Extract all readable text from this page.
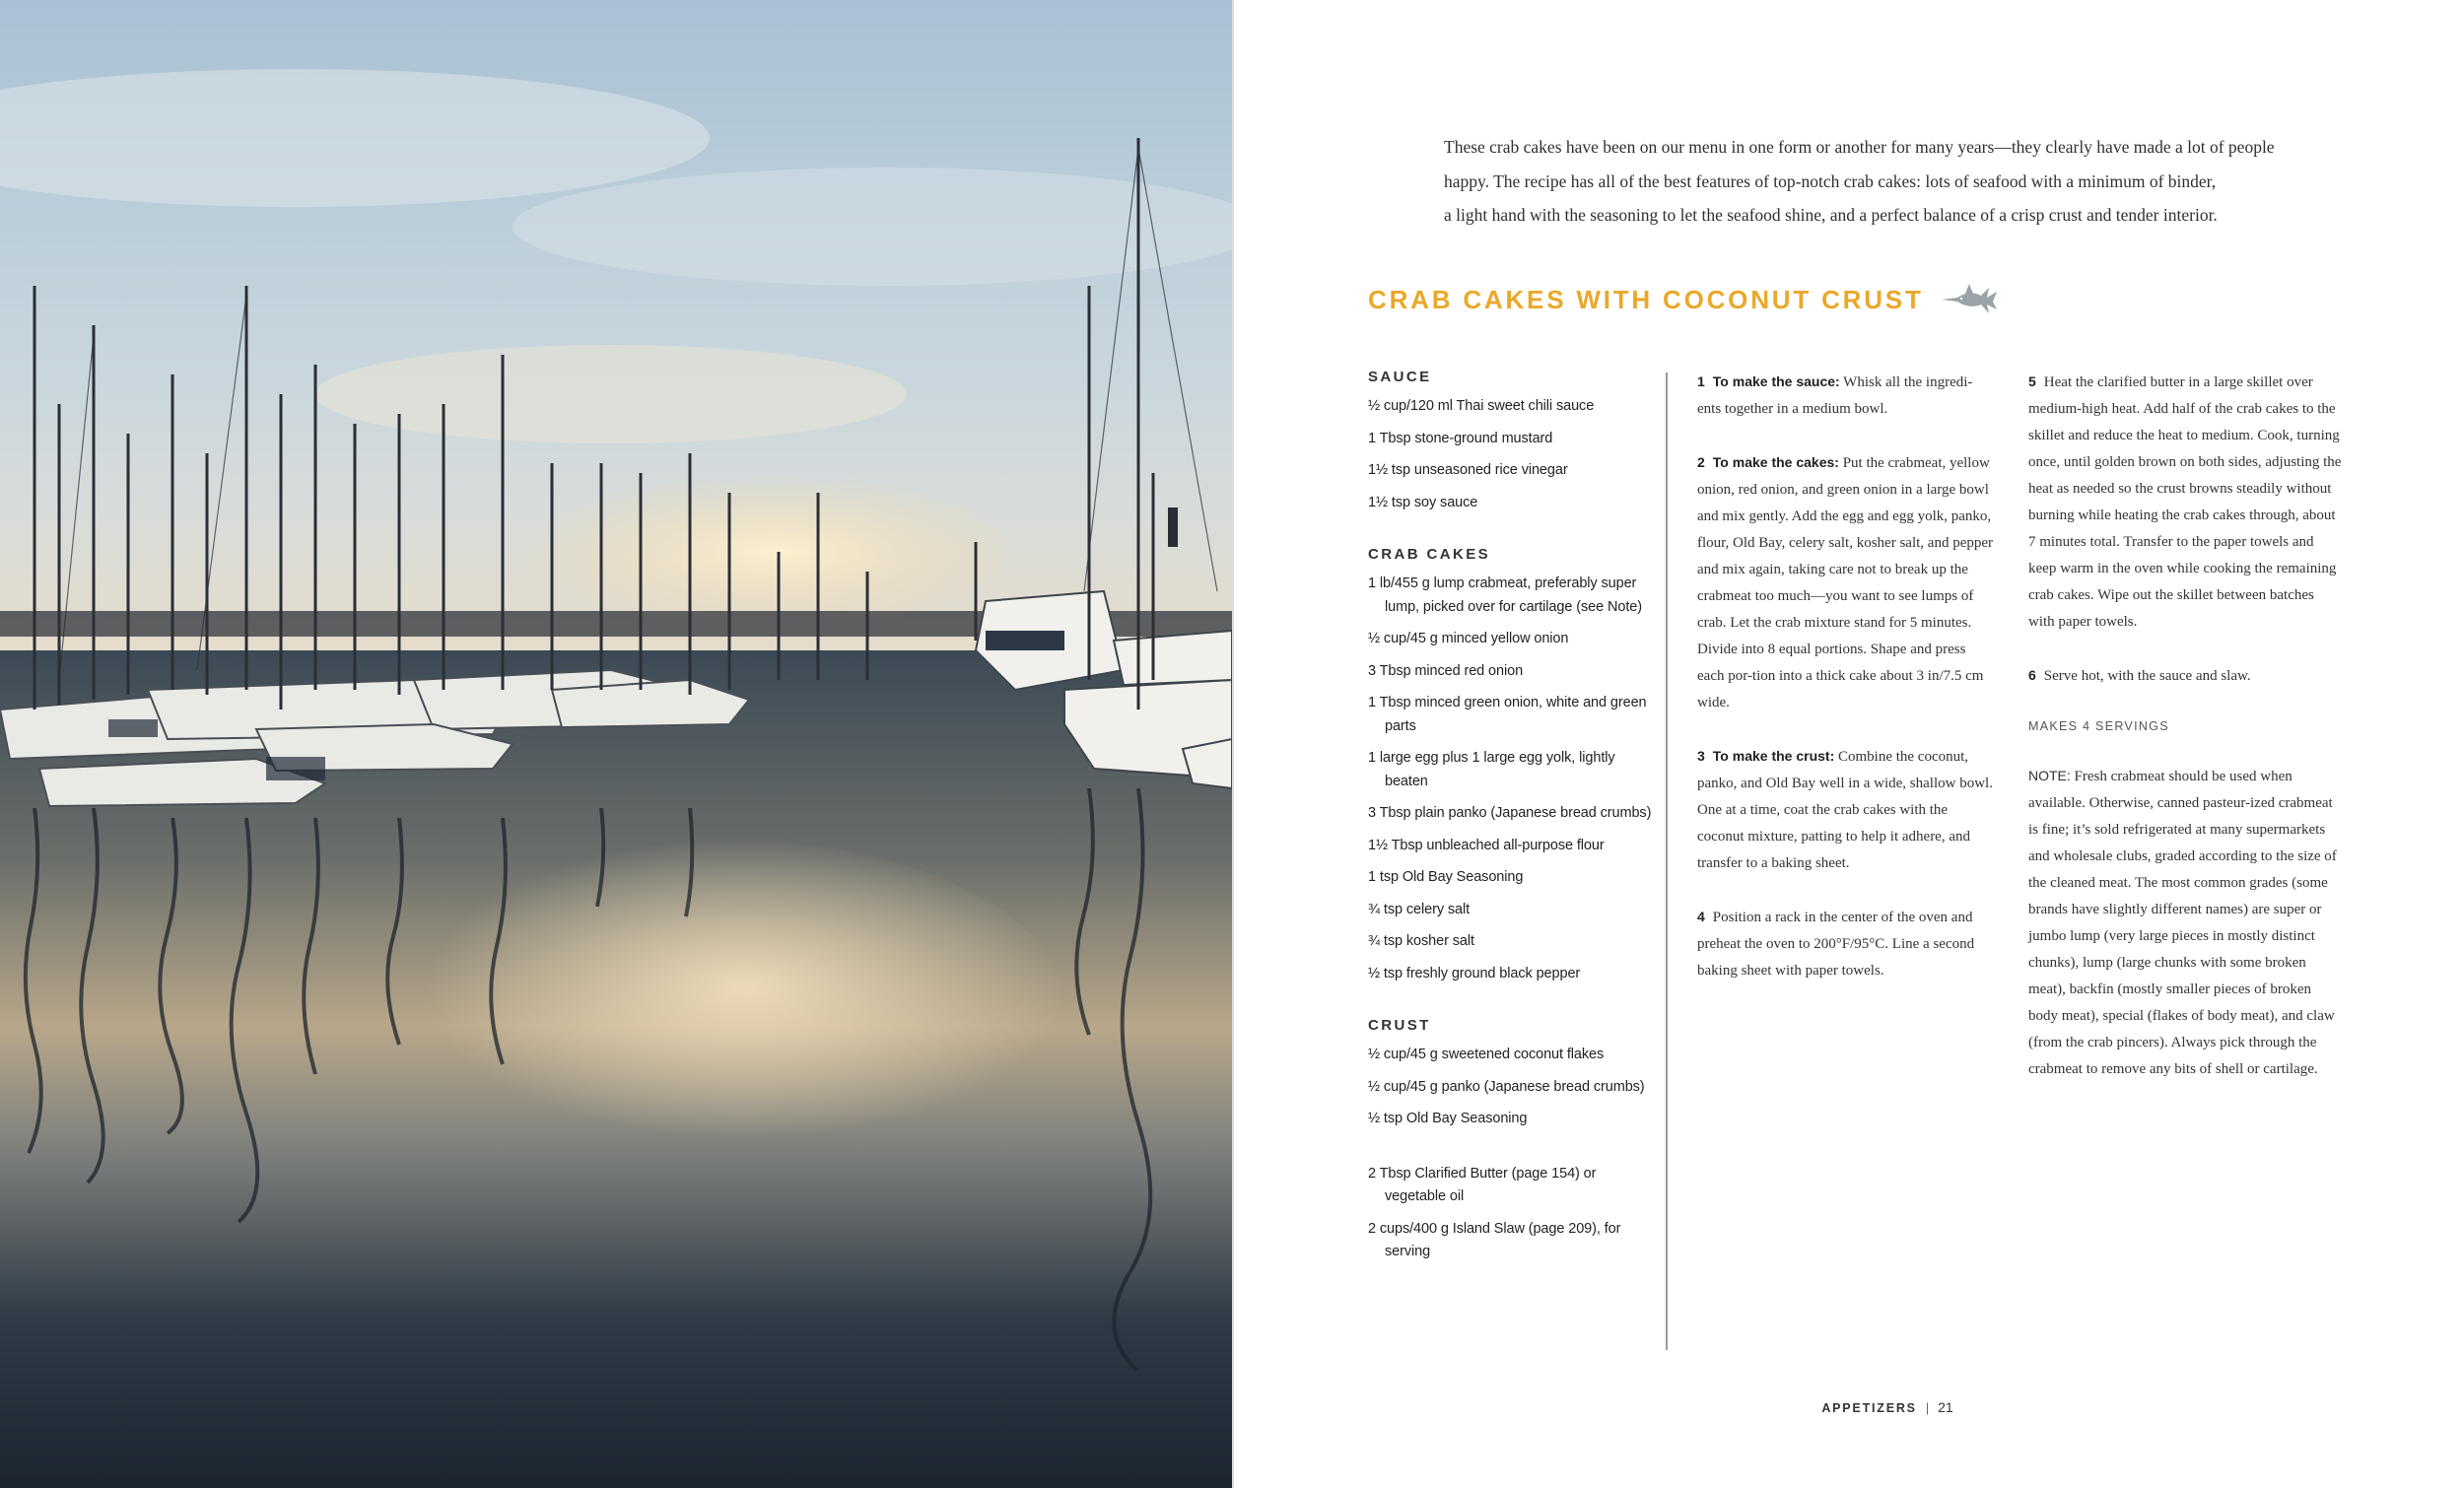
These crab cakes have been on our menu in one form or another for many years—they clearly have made a lot of people

happy. The recipe has all of the best features of top-notch crab cakes: lots of seafood with a minimum of binder,

a light hand with the seasoning to let the seafood shine, and a perfect balance of a crisp crust and tender interior.

CRAB CAKES WITH COCONUT CRUST
SAUCE
½ cup/120 ml Thai sweet chili sauce
1 Tbsp stone-ground mustard
1½ tsp unseasoned rice vinegar
1½ tsp soy sauce
CRAB CAKES
1 lb/455 g lump crabmeat, preferably super lump, picked over for cartilage (see Note)
½ cup/45 g minced yellow onion
3 Tbsp minced red onion
1 Tbsp minced green onion, white and green parts
1 large egg plus 1 large egg yolk, lightly beaten
3 Tbsp plain panko (Japanese bread crumbs)
1½ Tbsp unbleached all-purpose flour
1 tsp Old Bay Seasoning
¾ tsp celery salt
¾ tsp kosher salt
½ tsp freshly ground black pepper
CRUST
½ cup/45 g sweetened coconut flakes
½ cup/45 g panko (Japanese bread crumbs)
½ tsp Old Bay Seasoning
2 Tbsp Clarified Butter (page 154) or vegetable oil
2 cups/400 g Island Slaw (page 209), for serving

1 To make the sauce: Whisk all the ingredi-ents together in a medium bowl.

2 To make the cakes: Put the crabmeat, yellow onion, red onion, and green onion in a large bowl and mix gently. Add the egg and egg yolk, panko, flour, Old Bay, celery salt, kosher salt, and pepper and mix again, taking care not to break up the crabmeat too much—you want to see lumps of crab. Let the crab mixture stand for 5 minutes. Divide into 8 equal portions. Shape and press each por-tion into a thick cake about 3 in/7.5 cm wide.

3 To make the crust: Combine the coconut, panko, and Old Bay well in a wide, shallow bowl. One at a time, coat the crab cakes with the coconut mixture, patting to help it adhere, and transfer to a baking sheet.

4 Position a rack in the center of the oven and preheat the oven to 200°F/95°C. Line a second baking sheet with paper towels.

5 Heat the clarified butter in a large skillet over medium-high heat. Add half of the crab cakes to the skillet and reduce the heat to medium. Cook, turning once, until golden brown on both sides, adjusting the heat as needed so the crust browns steadily without burning while heating the crab cakes through, about 7 minutes total. Transfer to the paper towels and keep warm in the oven while cooking the remaining crab cakes. Wipe out the skillet between batches with paper towels.

6 Serve hot, with the sauce and slaw.

MAKES 4 SERVINGS

NOTE: Fresh crabmeat should be used when available. Otherwise, canned pasteur-ized crabmeat is fine; it’s sold refrigerated at many supermarkets and wholesale clubs, graded according to the size of the cleaned meat. The most common grades (some brands have slightly different names) are super or jumbo lump (very large pieces in mostly distinct chunks), lump (large chunks with some broken meat), backfin (mostly smaller pieces of broken body meat), special (flakes of body meat), and claw (from the crab pincers). Always pick through the crabmeat to remove any bits of shell or cartilage.

APPETIZERS | 21
